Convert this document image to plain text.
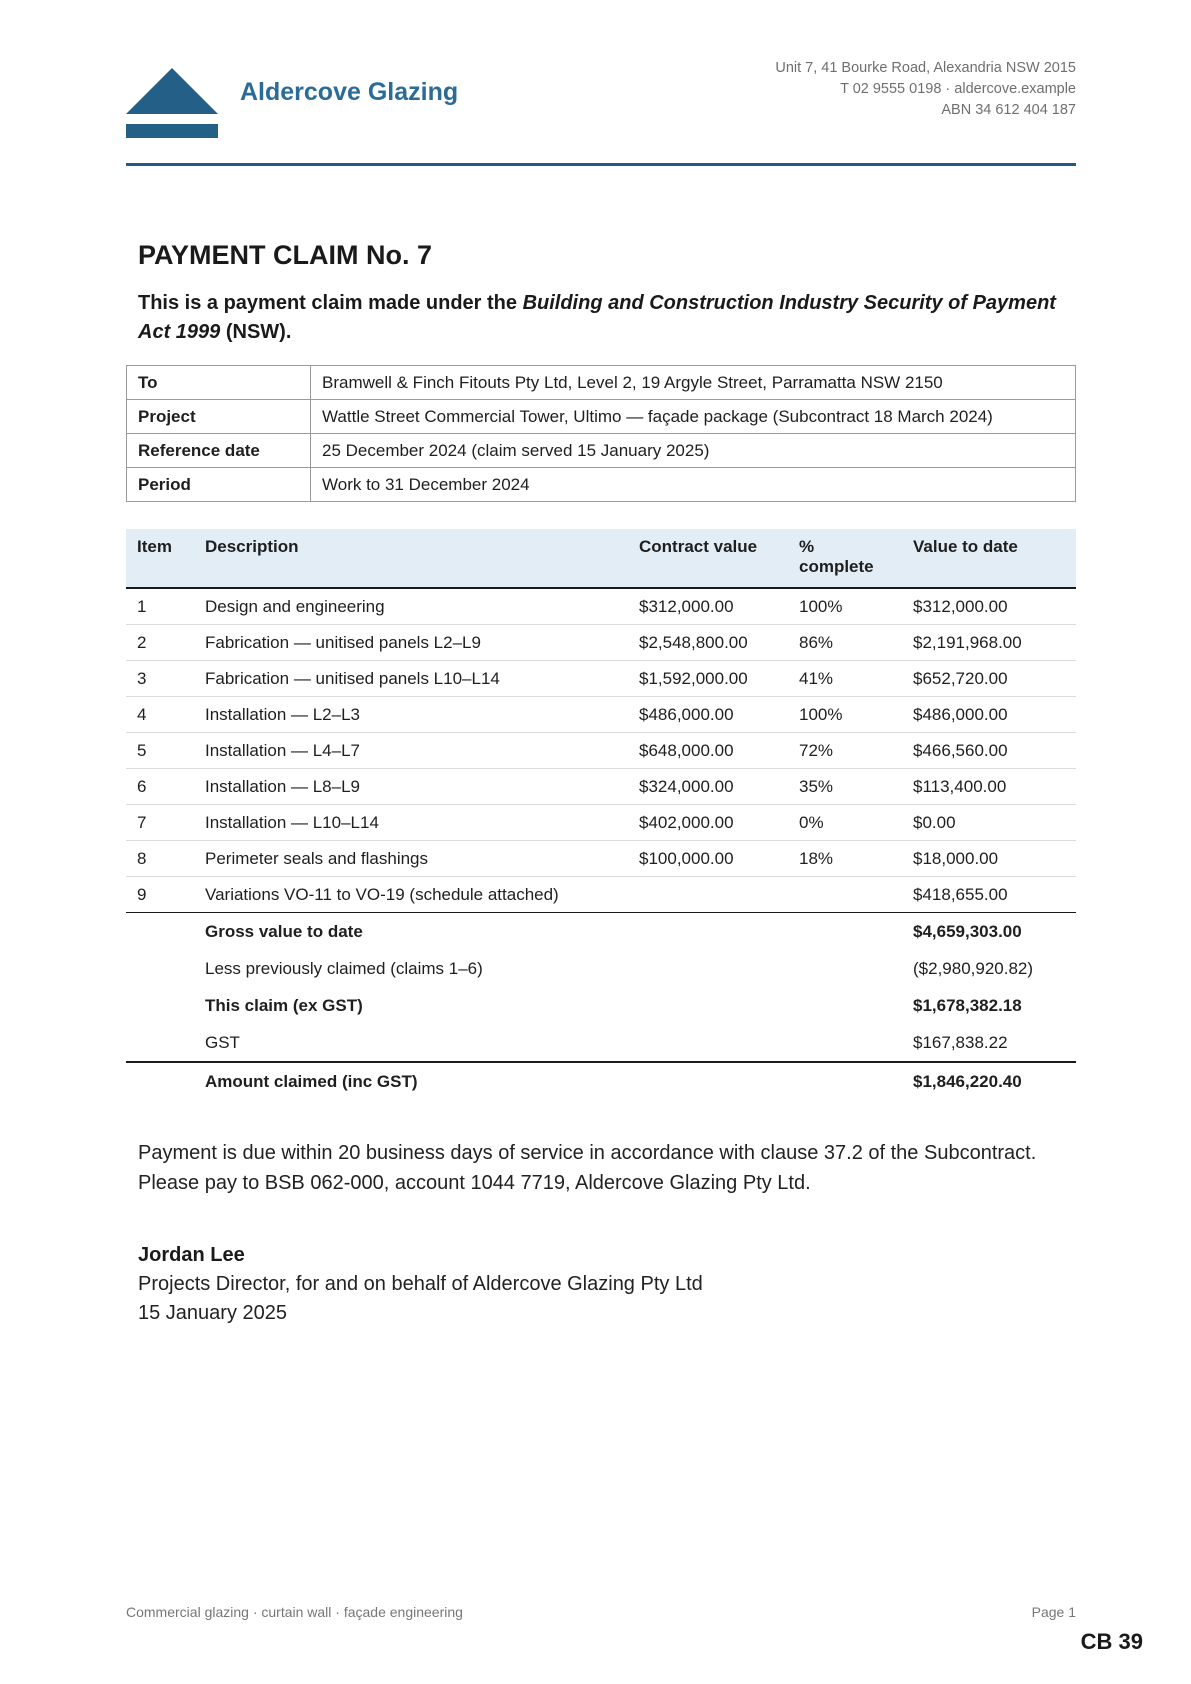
Aldercove Glazing
Unit 7, 41 Bourke Road, Alexandria NSW 2015
T 02 9555 0198 · aldercove.example
ABN 34 612 404 187
PAYMENT CLAIM No. 7

This is a payment claim made under the Building and Construction Industry Security of Payment Act 1999 (NSW).

To	Bramwell & Finch Fitouts Pty Ltd, Level 2, 19 Argyle Street, Parramatta NSW 2150
Project	Wattle Street Commercial Tower, Ultimo — façade package (Subcontract 18 March 2024)
Reference date	25 December 2024 (claim served 15 January 2025)
Period	Work to 31 December 2024
Item	Description	Contract value	% complete	Value to date
1	Design and engineering	$312,000.00	100%	$312,000.00
2	Fabrication — unitised panels L2–L9	$2,548,800.00	86%	$2,191,968.00
3	Fabrication — unitised panels L10–L14	$1,592,000.00	41%	$652,720.00
4	Installation — L2–L3	$486,000.00	100%	$486,000.00
5	Installation — L4–L7	$648,000.00	72%	$466,560.00
6	Installation — L8–L9	$324,000.00	35%	$113,400.00
7	Installation — L10–L14	$402,000.00	0%	$0.00
8	Perimeter seals and flashings	$100,000.00	18%	$18,000.00
9	Variations VO-11 to VO-19 (schedule attached)			$418,655.00
	Gross value to date			$4,659,303.00
	Less previously claimed (claims 1–6)			($2,980,920.82)
	This claim (ex GST)			$1,678,382.18
	GST			$167,838.22
	Amount claimed (inc GST)			$1,846,220.40

Payment is due within 20 business days of service in accordance with clause 37.2 of the Subcontract.
Please pay to BSB 062-000, account 1044 7719, Aldercove Glazing Pty Ltd.

Jordan Lee
Projects Director, for and on behalf of Aldercove Glazing Pty Ltd
15 January 2025
Commercial glazing · curtain wall · façade engineering	Page 1
CB 39
